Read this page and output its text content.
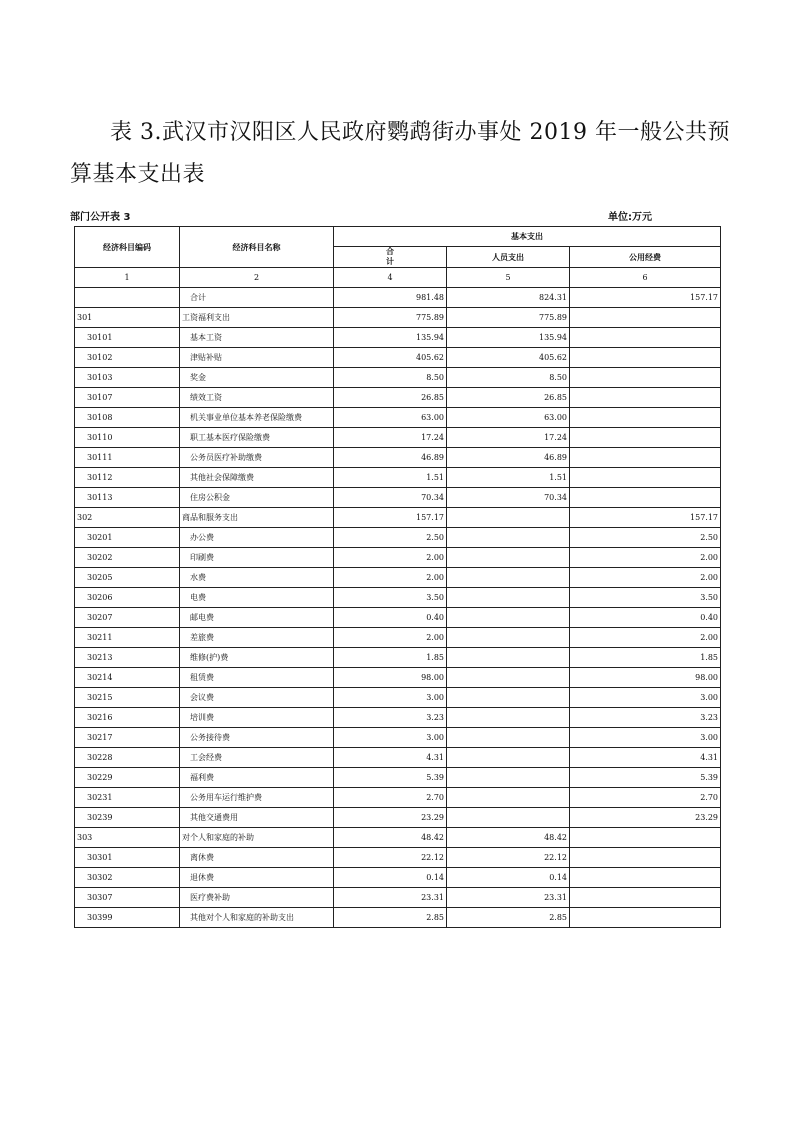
表 3.武汉市汉阳区人民政府鹦鹉街办事处 2019 年一般公共预算基本支出表
部门公开表 3	单位:万元
经济科目编码	经济科目名称	基本支出		

		合
计	人员支出	公用经费
1	2	4	5	6
	合计	981.48	824.31	157.17
301	工资福利支出	775.89	775.89	
30101	基本工资	135.94	135.94	
30102	津贴补贴	405.62	405.62	
30103	奖金	8.50	8.50	
30107	绩效工资	26.85	26.85	
30108	机关事业单位基本养老保险缴费	63.00	63.00	
30110	职工基本医疗保险缴费	17.24	17.24	
30111	公务员医疗补助缴费	46.89	46.89	
30112	其他社会保障缴费	1.51	1.51	
30113	住房公积金	70.34	70.34	
302	商品和服务支出	157.17		157.17
30201	办公费	2.50		2.50
30202	印刷费	2.00		2.00
30205	水费	2.00		2.00
30206	电费	3.50		3.50
30207	邮电费	0.40		0.40
30211	差旅费	2.00		2.00
30213	维修(护)费	1.85		1.85
30214	租赁费	98.00		98.00
30215	会议费	3.00		3.00
30216	培训费	3.23		3.23
30217	公务接待费	3.00		3.00
30228	工会经费	4.31		4.31
30229	福利费	5.39		5.39
30231	公务用车运行维护费	2.70		2.70
30239	其他交通费用	23.29		23.29
303	对个人和家庭的补助	48.42	48.42	
30301	离休费	22.12	22.12	
30302	退休费	0.14	0.14	
30307	医疗费补助	23.31	23.31	
30399	其他对个人和家庭的补助支出	2.85	2.85	
